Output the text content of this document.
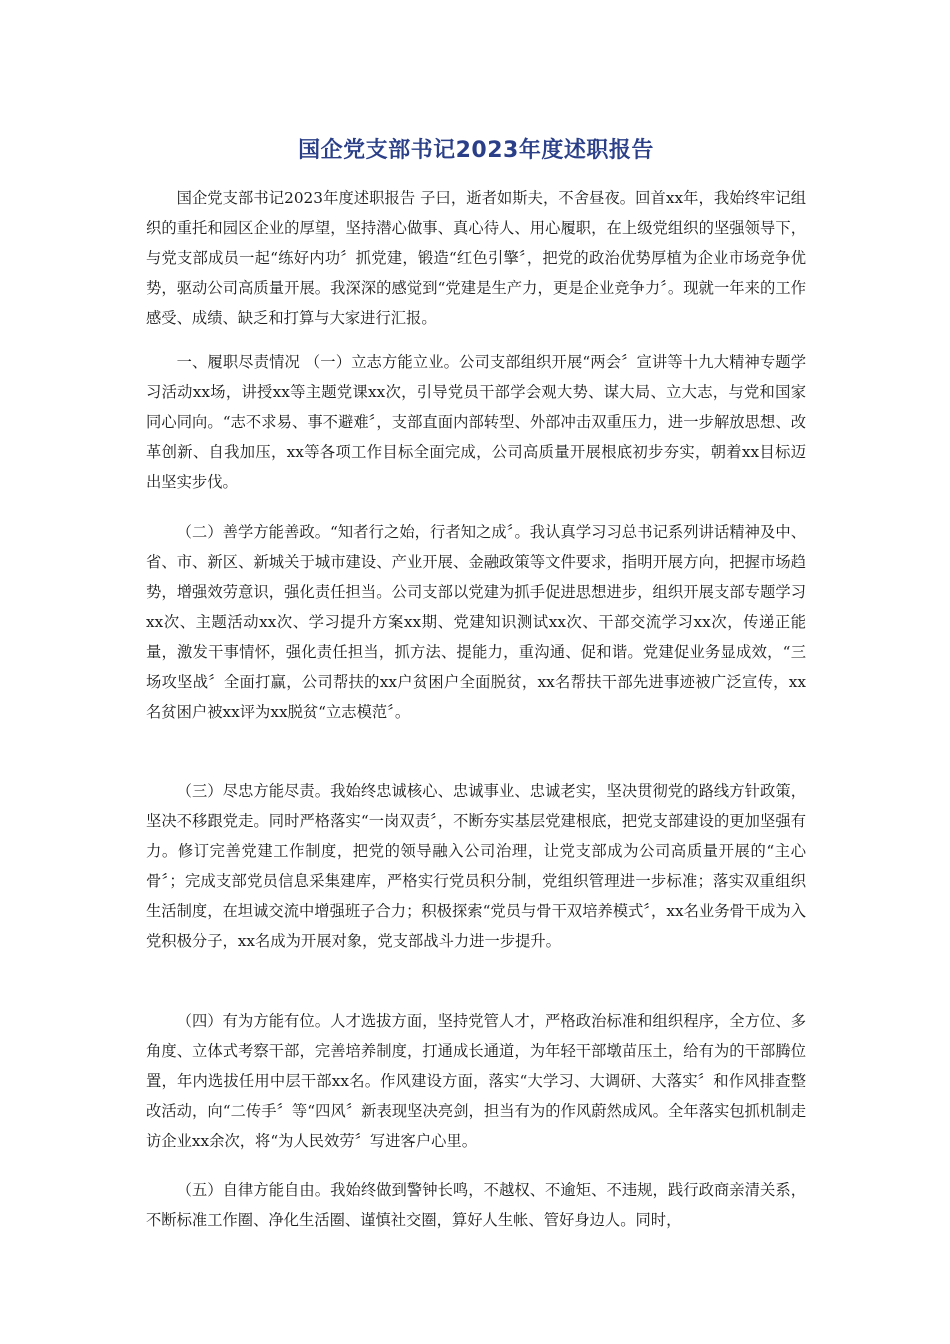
国企党支部书记2023年度述职报告

国企党支部书记2023年度述职报告 子曰，逝者如斯夫，不舍昼夜。回首xx年，我始终牢记组织的重托和园区企业的厚望，坚持潜心做事、真心待人、用心履职，在上级党组织的坚强领导下，与党支部成员一起“练好内功〞抓党建，锻造“红色引擎〞，把党的政治优势厚植为企业市场竞争优势，驱动公司高质量开展。我深深的感觉到“党建是生产力，更是企业竞争力〞。现就一年来的工作感受、成绩、缺乏和打算与大家进行汇报。

一、履职尽责情况 （一）立志方能立业。公司支部组织开展“两会〞宣讲等十九大精神专题学习活动xx场，讲授xx等主题党课xx次，引导党员干部学会观大势、谋大局、立大志，与党和国家同心同向。“志不求易、事不避难〞，支部直面内部转型、外部冲击双重压力，进一步解放思想、改革创新、自我加压，xx等各项工作目标全面完成，公司高质量开展根底初步夯实，朝着xx目标迈出坚实步伐。

（二）善学方能善政。“知者行之始，行者知之成〞。我认真学习习总书记系列讲话精神及中、省、市、新区、新城关于城市建设、产业开展、金融政策等文件要求，指明开展方向，把握市场趋势，增强效劳意识，强化责任担当。公司支部以党建为抓手促进思想进步，组织开展支部专题学习xx次、主题活动xx次、学习提升方案xx期、党建知识测试xx次、干部交流学习xx次，传递正能量，激发干事情怀，强化责任担当，抓方法、提能力，重沟通、促和谐。党建促业务显成效，“三场攻坚战〞全面打赢，公司帮扶的xx户贫困户全面脱贫，xx名帮扶干部先进事迹被广泛宣传，xx名贫困户被xx评为xx脱贫“立志模范〞。

（三）尽忠方能尽责。我始终忠诚核心、忠诚事业、忠诚老实，坚决贯彻党的路线方针政策，坚决不移跟党走。同时严格落实“一岗双责〞，不断夯实基层党建根底，把党支部建设的更加坚强有力。修订完善党建工作制度，把党的领导融入公司治理，让党支部成为公司高质量开展的“主心骨〞；完成支部党员信息采集建库，严格实行党员积分制，党组织管理进一步标准；落实双重组织生活制度，在坦诚交流中增强班子合力；积极探索“党员与骨干双培养模式〞，xx名业务骨干成为入党积极分子，xx名成为开展对象，党支部战斗力进一步提升。

（四）有为方能有位。人才选拔方面，坚持党管人才，严格政治标准和组织程序，全方位、多角度、立体式考察干部，完善培养制度，打通成长通道，为年轻干部墩苗压土，给有为的干部腾位置，年内选拔任用中层干部xx名。作风建设方面，落实“大学习、大调研、大落实〞和作风排查整改活动，向“二传手〞等“四风〞新表现坚决亮剑，担当有为的作风蔚然成风。全年落实包抓机制走访企业xx余次，将“为人民效劳〞写进客户心里。

（五）自律方能自由。我始终做到警钟长鸣，不越权、不逾矩、不违规，践行政商亲清关系，不断标准工作圈、净化生活圈、谨慎社交圈，算好人生帐、管好身边人。同时，
